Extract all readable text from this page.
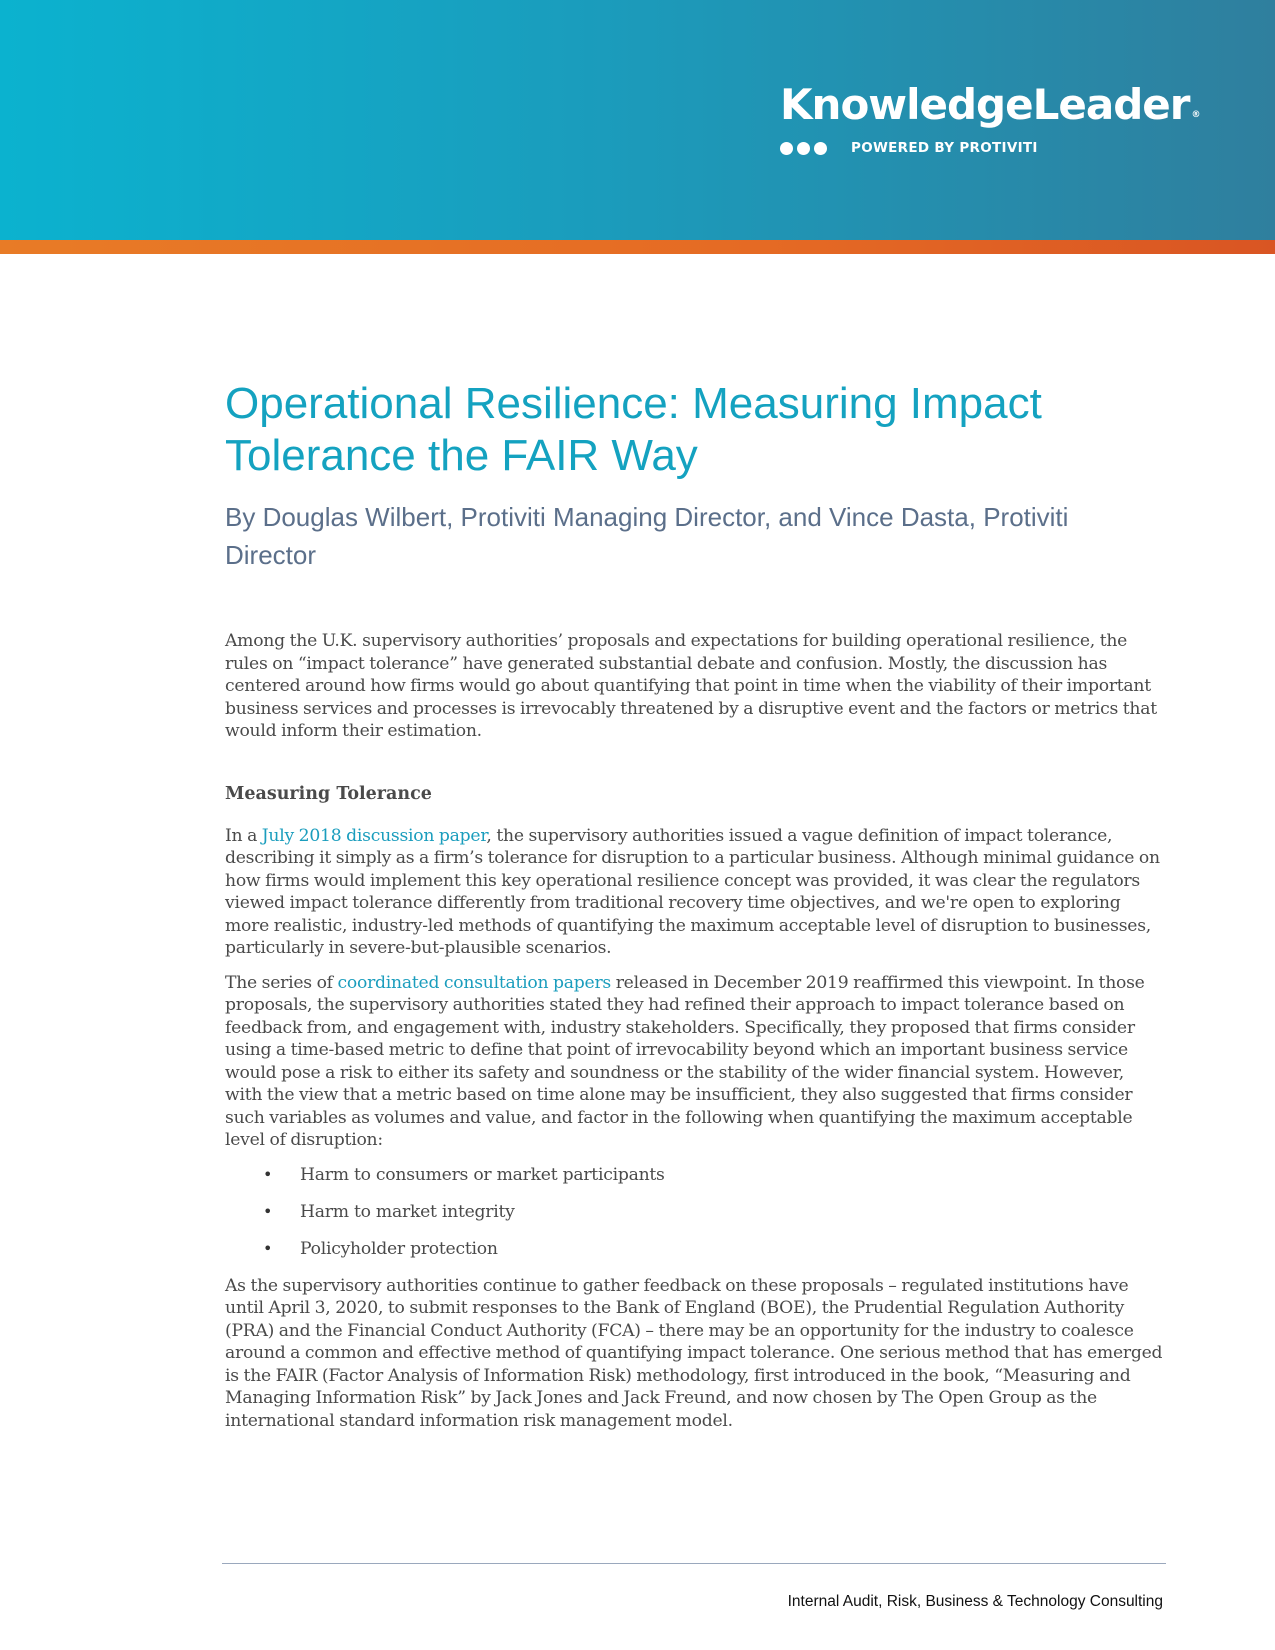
KnowledgeLeader ®
POWERED BY PROTIVITI
Operational Resilience: Measuring Impact Tolerance the FAIR Way

By Douglas Wilbert, Protiviti Managing Director, and Vince Dasta, Protiviti Director

Among the U.K. supervisory authorities’ proposals and expectations for building operational resilience, the rules on “impact tolerance” have generated substantial debate and confusion. Mostly, the discussion has centered around how firms would go about quantifying that point in time when the viability of their important business services and processes is irrevocably threatened by a disruptive event and the factors or metrics that would inform their estimation.

Measuring Tolerance

In a July 2018 discussion paper, the supervisory authorities issued a vague definition of impact tolerance, describing it simply as a firm’s tolerance for disruption to a particular business. Although minimal guidance on how firms would implement this key operational resilience concept was provided, it was clear the regulators viewed impact tolerance differently from traditional recovery time objectives, and we're open to exploring more realistic, industry-led methods of quantifying the maximum acceptable level of disruption to businesses, particularly in severe-but-plausible scenarios.

The series of coordinated consultation papers released in December 2019 reaffirmed this viewpoint. In those proposals, the supervisory authorities stated they had refined their approach to impact tolerance based on feedback from, and engagement with, industry stakeholders. Specifically, they proposed that firms consider using a time-based metric to define that point of irrevocability beyond which an important business service would pose a risk to either its safety and soundness or the stability of the wider financial system. However, with the view that a metric based on time alone may be insufficient, they also suggested that firms consider such variables as volumes and value, and factor in the following when quantifying the maximum acceptable level of disruption:

• Harm to consumers or market participants
• Harm to market integrity
• Policyholder protection

As the supervisory authorities continue to gather feedback on these proposals – regulated institutions have until April 3, 2020, to submit responses to the Bank of England (BOE), the Prudential Regulation Authority (PRA) and the Financial Conduct Authority (FCA) – there may be an opportunity for the industry to coalesce around a common and effective method of quantifying impact tolerance. One serious method that has emerged is the FAIR (Factor Analysis of Information Risk) methodology, first introduced in the book, “Measuring and Managing Information Risk” by Jack Jones and Jack Freund, and now chosen by The Open Group as the international standard information risk management model.

Internal Audit, Risk, Business & Technology Consulting
